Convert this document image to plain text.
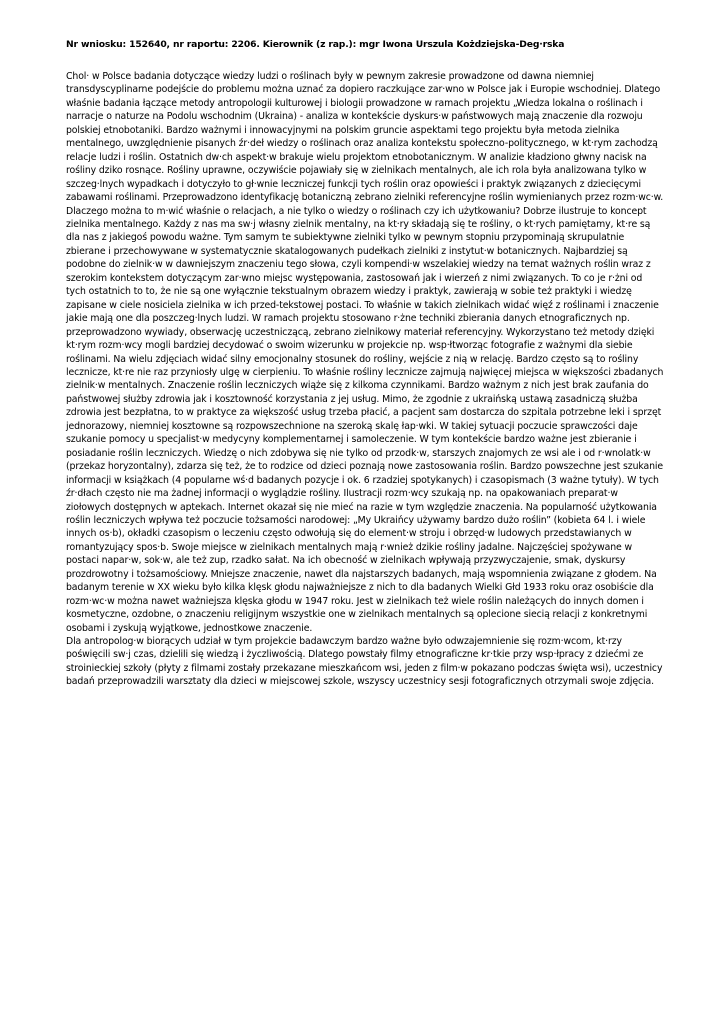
Nr wniosku: 152640, nr raportu: 2206. Kierownik (z rap.): mgr Iwona Urszula Kożdziejska-Deg·rska

Chol· w Polsce badania dotyczące wiedzy ludzi o roślinach były w pewnym zakresie prowadzone od dawna niemniej transdyscyplinarne podejście do problemu można uznać za dopiero raczkujące zar·wno w Polsce jak i Europie wschodniej. Dlatego właśnie badania łączące metody antropologii kulturowej i biologii prowadzone w ramach projektu „Wiedza lokalna o roślinach i narracje o naturze na Podolu wschodnim (Ukraina) - analiza w kontekście dyskurs·w państwowych mają znaczenie dla rozwoju polskiej etnobotaniki. Bardzo ważnymi i innowacyjnymi na polskim gruncie aspektami tego projektu była metoda zielnika mentalnego, uwzględnienie pisanych źr·deł wiedzy o roślinach oraz analiza kontekstu społeczno-politycznego, w kt·rym zachodzą relacje ludzi i roślin. Ostatnich dw·ch aspekt·w brakuje wielu projektom etnobotanicznym. W analizie kładziono głwny nacisk na rośliny dziko rosnące. Rośliny uprawne, oczywiście pojawiały się w zielnikach mentalnych, ale ich rola była analizowana tylko w szczeg·lnych wypadkach i dotyczyło to gł·wnie leczniczej funkcji tych roślin oraz opowieści i praktyk związanych z dziecięcymi zabawami roślinami. Przeprowadzono identyfikację botaniczną zebrano zielniki referencyjne roślin wymienianych przez rozm·wc·w. Dlaczego można to m·wić właśnie o relacjach, a nie tylko o wiedzy o roślinach czy ich użytkowaniu? Dobrze ilustruje to koncept zielnika mentalnego. Każdy z nas ma sw·j własny zielnik mentalny, na kt·ry składają się te rośliny, o kt·rych pamiętamy, kt·re są dla nas z jakiegoś powodu ważne. Tym samym te subiektywne zielniki tylko w pewnym stopniu przypominają skrupulatnie zbierane i przechowywane w systematycznie skatalogowanych pudełkach zielniki z instytut·w botanicznych. Najbardziej są podobne do zielnik·w w dawniejszym znaczeniu tego słowa, czyli kompendi·w wszelakiej wiedzy na temat ważnych roślin wraz z szerokim kontekstem dotyczącym zar·wno miejsc występowania, zastosowań jak i wierzeń z nimi związanych. To co je r·żni od tych ostatnich to to, że nie są one wyłącznie tekstualnym obrazem wiedzy i praktyk, zawierają w sobie też praktyki i wiedzę zapisane w ciele nosiciela zielnika w ich przed-tekstowej postaci. To właśnie w takich zielnikach widać więź z roślinami i znaczenie jakie mają one dla poszczeg·lnych ludzi. W ramach projektu stosowano r·żne techniki zbierania danych etnograficznych np. przeprowadzono wywiady, obserwację uczestniczącą, zebrano zielnikowy materiał referencyjny. Wykorzystano też metody dzięki kt·rym rozm·wcy mogli bardziej decydować o swoim wizerunku w projekcie np. wsp·łtworząc fotografie z ważnymi dla siebie roślinami. Na wielu zdjęciach widać silny emocjonalny stosunek do rośliny, wejście z nią w relację. Bardzo często są to rośliny lecznicze, kt·re nie raz przyniosły ulgę w cierpieniu. To właśnie rośliny lecznicze zajmują najwięcej miejsca w większości zbadanych zielnik·w mentalnych. Znaczenie roślin leczniczych wiąże się z kilkoma czynnikami. Bardzo ważnym z nich jest brak zaufania do państwowej służby zdrowia jak i kosztowność korzystania z jej usług. Mimo, że zgodnie z ukraińską ustawą zasadniczą służba zdrowia jest bezpłatna, to w praktyce za większość usług trzeba płacić, a pacjent sam dostarcza do szpitala potrzebne leki i sprzęt jednorazowy, niemniej kosztowne są rozpowszechnione na szeroką skalę łap·wki. W takiej sytuacji poczucie sprawczości daje szukanie pomocy u specjalist·w medycyny komplementarnej i samoleczenie. W tym kontekście bardzo ważne jest zbieranie i posiadanie roślin leczniczych. Wiedzę o nich zdobywa się nie tylko od przodk·w, starszych znajomych ze wsi ale i od r·wnolatk·w (przekaz horyzontalny), zdarza się też, że to rodzice od dzieci poznają nowe zastosowania roślin. Bardzo powszechne jest szukanie informacji w książkach (4 popularne wś·d badanych pozycje i ok. 6 rzadziej spotykanych) i czasopismach (3 ważne tytuły). W tych źr·dłach często nie ma żadnej informacji o wyglądzie rośliny. Ilustracji rozm·wcy szukają np. na opakowaniach preparat·w ziołowych dostępnych w aptekach. Internet okazał się nie mieć na razie w tym względzie znaczenia. Na popularność użytkowania roślin leczniczych wpływa też poczucie tożsamości narodowej: „My Ukraińcy używamy bardzo dużo roślin” (kobieta 64 l. i wiele innych os·b), okładki czasopism o leczeniu często odwołują się do element·w stroju i obrzęd·w ludowych przedstawianych w romantyzujący spos·b. Swoje miejsce w zielnikach mentalnych mają r·wnież dzikie rośliny jadalne. Najczęściej spożywane w postaci napar·w, sok·w, ale też zup, rzadko sałat. Na ich obecność w zielnikach wpływają przyzwyczajenie, smak, dyskursy prozdrowotny i tożsamościowy. Mniejsze znaczenie, nawet dla najstarszych badanych, mają wspomnienia związane z głodem. Na badanym terenie w XX wieku było kilka klęsk głodu najważniejsze z nich to dla badanych Wielki Głd 1933 roku oraz osobiście dla rozm·wc·w można nawet ważniejsza klęska głodu w 1947 roku. Jest w zielnikach też wiele roślin należących do innych domen i kosmetyczne, ozdobne, o znaczeniu religijnym wszystkie one w zielnikach mentalnych są oplecione siecią relacji z konkretnymi osobami i zyskują wyjątkowe, jednostkowe znaczenie.

Dla antropolog·w biorących udział w tym projekcie badawczym bardzo ważne było odwzajemnienie się rozm·wcom, kt·rzy poświęcili sw·j czas, dzielili się wiedzą i życzliwością. Dlatego powstały filmy etnograficzne kr·tkie przy wsp·łpracy z dziećmi ze stroinieckiej szkoły (płyty z filmami zostały przekazane mieszkańcom wsi, jeden z film·w pokazano podczas święta wsi), uczestnicy badań przeprowadzili warsztaty dla dzieci w miejscowej szkole, wszyscy uczestnicy sesji fotograficznych otrzymali swoje zdjęcia.
